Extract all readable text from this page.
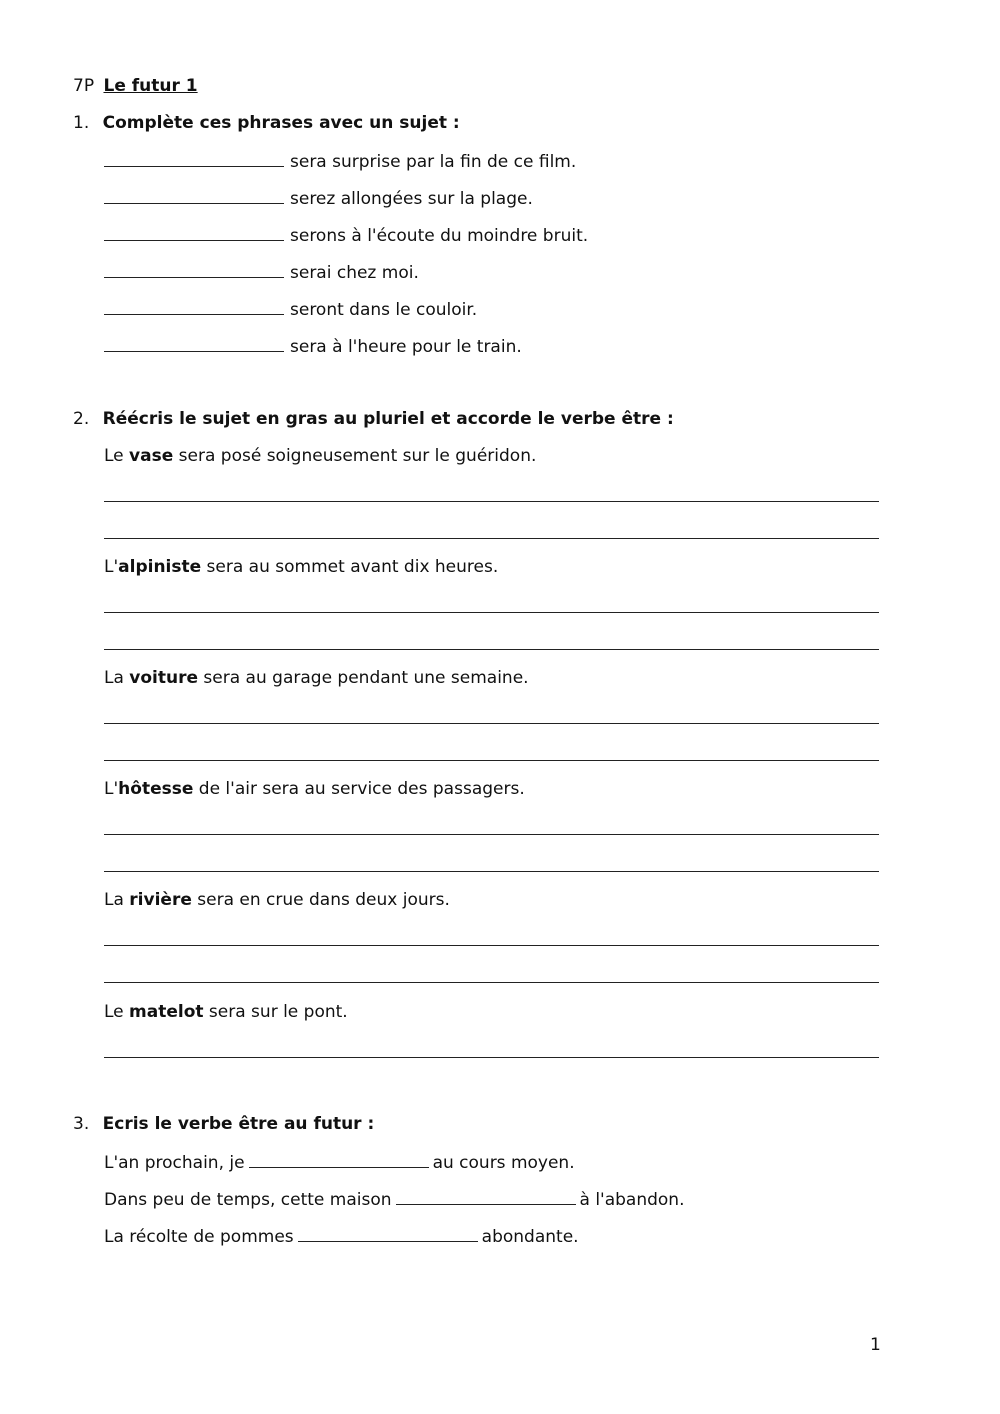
7P Le futur 1
1. Complète ces phrases avec un sujet :
sera surprise par la fin de ce film.
serez allongées sur la plage.
serons à l'écoute du moindre bruit.
serai chez moi.
seront dans le couloir.
sera à l'heure pour le train.
2. Réécris le sujet en gras au pluriel et accorde le verbe être :
Le vase sera posé soigneusement sur le guéridon.
L'alpiniste sera au sommet avant dix heures.
La voiture sera au garage pendant une semaine.
L'hôtesse de l'air sera au service des passagers.
La rivière sera en crue dans deux jours.
Le matelot sera sur le pont.
3. Ecris le verbe être au futur :
L'an prochain, je	au cours moyen.
Dans peu de temps, cette maison	à l'abandon.
La récolte de pommes	abondante.
1
